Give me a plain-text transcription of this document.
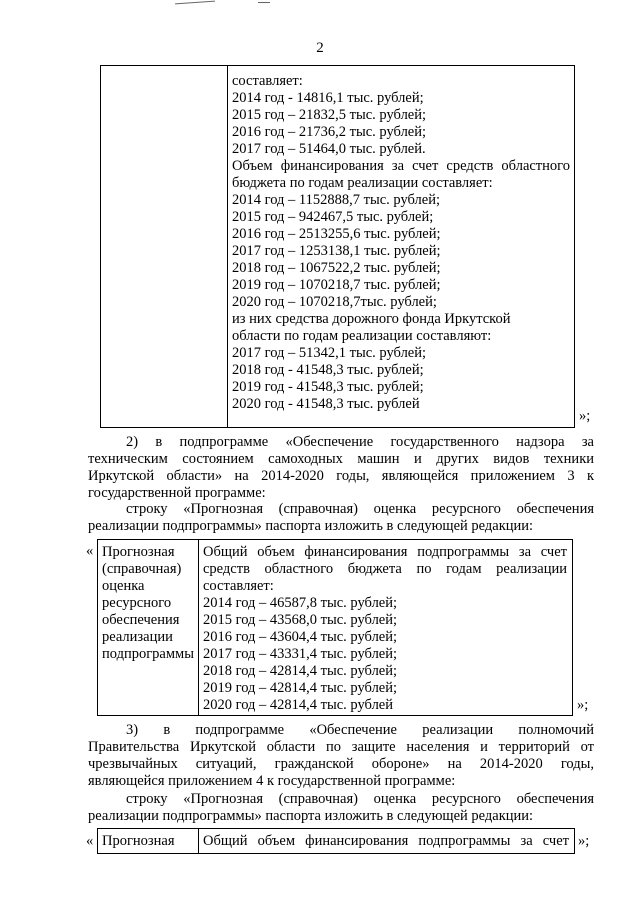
2
составляет:
2014 год - 14816,1 тыс. рублей;
2015 год – 21832,5 тыс. рублей;
2016 год – 21736,2 тыс. рублей;
2017 год – 51464,0 тыс. рублей.
Объем финансирования за счет средств областного
бюджета по годам реализации составляет:
2014 год – 1152888,7 тыс. рублей;
2015 год – 942467,5 тыс. рублей;
2016 год – 2513255,6 тыс. рублей;
2017 год – 1253138,1 тыс. рублей;
2018 год – 1067522,2 тыс. рублей;
2019 год – 1070218,7 тыс. рублей;
2020 год – 1070218,7тыс. рублей;
из них средства дорожного фонда Иркутской
области по годам реализации составляют:
2017 год – 51342,1 тыс. рублей;
2018 год - 41548,3 тыс. рублей;
2019 год - 41548,3 тыс. рублей;
2020 год - 41548,3 тыс. рублей
»;
2) в подпрограмме «Обеспечение государственного надзора за
техническим состоянием самоходных машин и других видов техники
Иркутской области» на 2014-2020 годы, являющейся приложением 3 к
государственной программе:
строку «Прогнозная (справочная) оценка ресурсного обеспечения
реализации подпрограммы» паспорта изложить в следующей редакции:
« Прогнозная
(справочная)
оценка
ресурсного
обеспечения
реализации
подпрограммы
Общий объем финансирования подпрограммы за счет
средств областного бюджета по годам реализации
составляет:
2014 год – 46587,8 тыс. рублей;
2015 год – 43568,0 тыс. рублей;
2016 год – 43604,4 тыс. рублей;
2017 год – 43331,4 тыс. рублей;
2018 год – 42814,4 тыс. рублей;
2019 год – 42814,4 тыс. рублей;
2020 год – 42814,4 тыс. рублей	»;
3) в подпрограмме «Обеспечение реализации полномочий
Правительства Иркутской области по защите населения и территорий от
чрезвычайных ситуаций, гражданской обороне» на 2014-2020 годы,
являющейся приложением 4 к государственной программе:
строку «Прогнозная (справочная) оценка ресурсного обеспечения
реализации подпрограммы» паспорта изложить в следующей редакции:
« Прогнозная Общий объем финансирования подпрограммы за счет »;
